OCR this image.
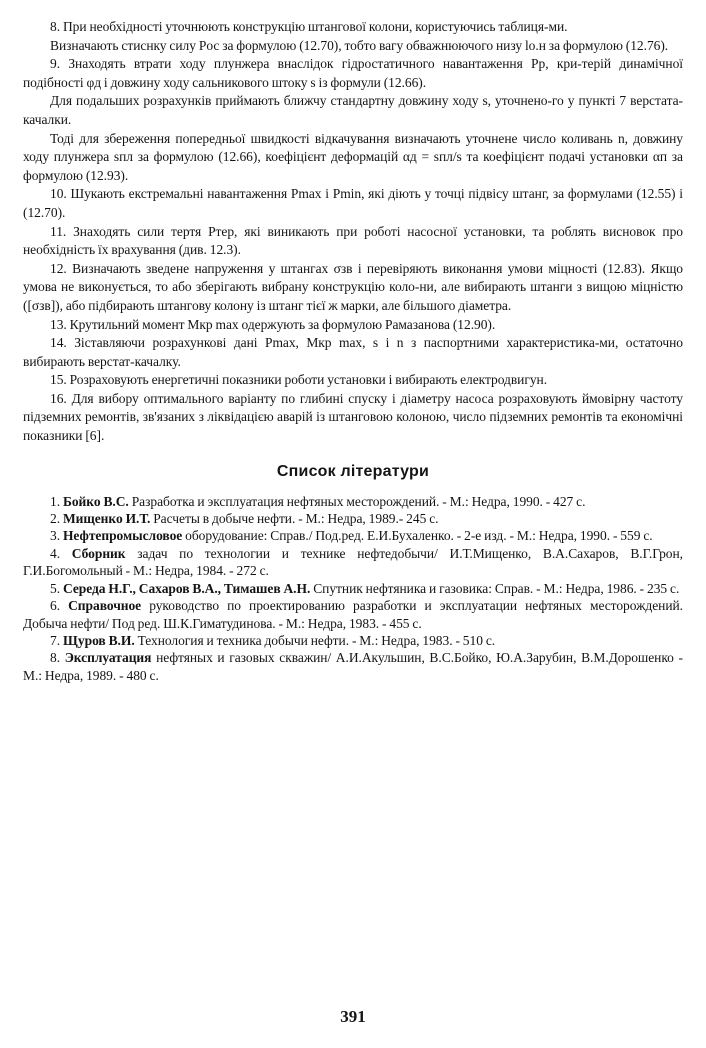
8. При необхідності уточнюють конструкцію штангової колони, користуючись таблиця-ми.

Визначають стиснку силу Pос за формулою (12.70), тобто вагу обважнюючого низу lо.н за формулою (12.76).

9. Знаходять втрати ходу плунжера внаслідок гідростатичного навантаження Pр, кри-терій динамічної подібності φд і довжину ходу сальникового штоку s із формули (12.66).

Для подальших розрахунків приймають ближчу стандартну довжину ходу s, уточнено-го у пункті 7 верстата-качалки.

Тоді для збереження попередньої швидкості відкачування визначають уточнене число коливань n, довжину ходу плунжера sпл за формулою (12.66), коефіцієнт деформацій αд = sпл/s та коефіцієнт подачі установки αп за формулою (12.93).

10. Шукають екстремальні навантаження Pmax і Pmin, які діють у точці підвісу штанг, за формулами (12.55) і (12.70).

11. Знаходять сили тертя Pтер, які виникають при роботі насосної установки, та роблять висновок про необхідність їх врахування (див. 12.3).

12. Визначають зведене напруження у штангах σзв і перевіряють виконання умови міцності (12.83). Якщо умова не виконується, то або зберігають вибрану конструкцію коло-ни, але вибирають штанги з вищою міцністю ([σзв]), або підбирають штангову колону із штанг тієї ж марки, але більшого діаметра.

13. Крутильний момент Mкр max одержують за формулою Рамазанова (12.90).

14. Зіставляючи розрахункові дані Pmax, Mкр max, s і n з паспортними характеристика-ми, остаточно вибирають верстат-качалку.

15. Розраховують енергетичні показники роботи установки і вибирають електродвигун.

16. Для вибору оптимального варіанту по глибині спуску і діаметру насоса розраховують ймовірну частоту підземних ремонтів, зв'язаних з ліквідацією аварій із штанговою колоною, число підземних ремонтів та економічні показники [6].

Список літератури

1. Бойко В.С. Разработка и эксплуатация нефтяных месторождений. - М.: Недра, 1990. - 427 с.

2. Мищенко И.Т. Расчеты в добыче нефти. - М.: Недра, 1989.- 245 с.

3. Нефтепромысловое оборудование: Справ./ Под.ред. Е.И.Бухаленко. - 2-е изд. - М.: Недра, 1990. - 559 с.

4. Сборник задач по технологии и технике нефтедобычи/ И.Т.Мищенко, В.А.Сахаров, В.Г.Грон, Г.И.Богомольный - М.: Недра, 1984. - 272 с.

5. Середа Н.Г., Сахаров В.А., Тимашев А.Н. Спутник нефтяника и газовика: Справ. - М.: Недра, 1986. - 235 с.

6. Справочное руководство по проектированию разработки и эксплуатации нефтяных месторождений. Добыча нефти/ Под ред. Ш.К.Гиматудинова. - М.: Недра, 1983. - 455 с.

7. Щуров В.И. Технология и техника добычи нефти. - М.: Недра, 1983. - 510 с.

8. Эксплуатация нефтяных и газовых скважин/ А.И.Акульшин, В.С.Бойко, Ю.А.Зарубин, В.М.Дорошенко - М.: Недра, 1989. - 480 с.

391
